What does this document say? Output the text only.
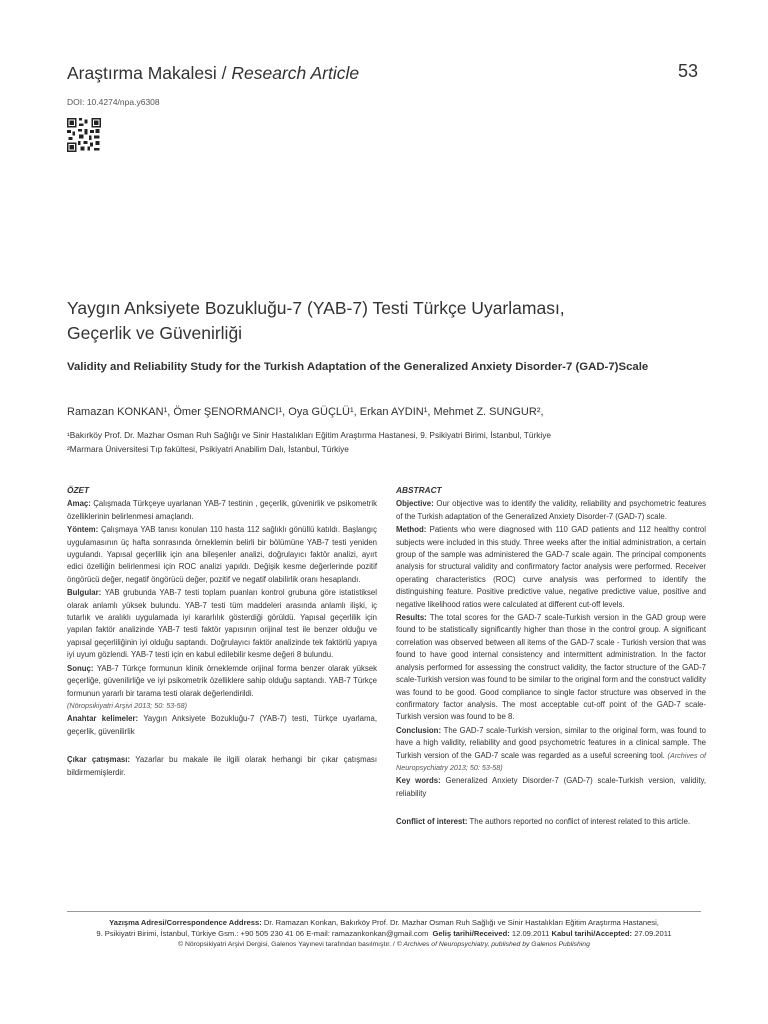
Araştırma Makalesi / Research Article	53
DOI: 10.4274/npa.y6308
Yaygın Anksiyete Bozukluğu-7 (YAB-7) Testi Türkçe Uyarlaması,
Geçerlik ve Güvenirliği
Validity and Reliability Study for the Turkish Adaptation of the Generalized Anxiety Disorder-7 (GAD-7)Scale
Ramazan KONKAN¹, Ömer ŞENORMANCI¹, Oya GÜÇLÜ¹, Erkan AYDIN¹, Mehmet Z. SUNGUR²,
¹Bakırköy Prof. Dr. Mazhar Osman Ruh Sağlığı ve Sinir Hastalıkları Eğitim Araştırma Hastanesi, 9. Psikiyatri Birimi, İstanbul, Türkiye
²Marmara Üniversitesi Tıp fakültesi, Psikiyatri Anabilim Dalı, İstanbul, Türkiye
ÖZET

Amaç: Çalışmada Türkçeye uyarlanan YAB-7 testinin , geçerlik, güvenirlik ve psikometrik özelliklerinin belirlenmesi amaçlandı.

Yöntem: Çalışmaya YAB tanısı konulan 110 hasta 112 sağlıklı gönüllü katıldı. Başlangıç uygulamasının üç hafta sonrasında örneklemin belirli bir bölümüne YAB-7 testi yeniden uygulandı. Yapısal geçerlilik için ana bileşenler analizi, doğrulayıcı faktör analizi, ayırt edici özelliğin belirlenmesi için ROC analizi yapıldı. Değişik kesme değerlerinde pozitif öngörücü değer, negatif öngörücü değer, pozitif ve negatif olabilirlik oranı hesaplandı.

Bulgular: YAB grubunda YAB-7 testi toplam puanları kontrol grubuna göre istatistiksel olarak anlamlı yüksek bulundu. YAB-7 testi tüm maddeleri arasında anlamlı ilişki, iç tutarlık ve aralıklı uygulamada iyi kararlılık gösterdiği görüldü. Yapısal geçerlilik için yapılan faktör analizinde YAB-7 testi faktör yapısının orijinal test ile benzer olduğu ve yapısal geçerliliğinin iyi olduğu saptandı. Doğrulayıcı faktör analizinde tek faktörlü yapıya iyi uyum gözlendi. YAB-7 testi için en kabul edilebilir kesme değeri 8 bulundu.

Sonuç: YAB-7 Türkçe formunun klinik örneklemde orijinal forma benzer olarak yüksek geçerliğe, güvenilirliğe ve iyi psikometrik özelliklere sahip olduğu saptandı. YAB-7 Türkçe formunun yararlı bir tarama testi olarak değerlendirildi.
(Nöropsikiyatri Arşivi 2013; 50: 53-58)

Anahtar kelimeler: Yaygın Anksiyete Bozukluğu-7 (YAB-7) testi, Türkçe uyarlama, geçerlik, güvenilirlik

Çıkar çatışması: Yazarlar bu makale ile ilgili olarak herhangi bir çıkar çatışması bildirmemişlerdir.

ABSTRACT

Objective: Our objective was to identify the validity, reliability and psychometric features of the Turkish adaptation of the Generalized Anxiety Disorder-7 (GAD-7) scale.

Method: Patients who were diagnosed with 110 GAD patients and 112 healthy control subjects were included in this study. Three weeks after the initial administration, a certain group of the sample was administered the GAD-7 scale again. The principal components analysis for structural validity and confirmatory factor analysis were performed. Receiver operating characteristics (ROC) curve analysis was performed to identify the distinguishing feature. Positive predictive value, negative predictive value, positive and negative likelihood ratios were calculated at different cut-off levels.

Results: The total scores for the GAD-7 scale-Turkish version in the GAD group were found to be statistically significantly higher than those in the control group. A significant correlation was observed between all items of the GAD-7 scale - Turkish version that was found to have good internal consistency and intermittent administration. In the factor analysis performed for assessing the construct validity, the factor structure of the GAD-7 scale-Turkish version was found to be similar to the original form and the construct validity was found to be good. Good compliance to single factor structure was observed in the confirmatory factor analysis. The most acceptable cut-off point of the GAD-7 scale-Turkish version was found to be 8.

Conclusion: The GAD-7 scale-Turkish version, similar to the original form, was found to have a high validity, reliability and good psychometric features in a clinical sample. The Turkish version of the GAD-7 scale was regarded as a useful screening tool. (Archives of Neuropsychiatry 2013; 50: 53-58)

Key words: Generalized Anxiety Disorder-7 (GAD-7) scale-Turkish version, validity, reliability

Conflict of interest: The authors reported no conflict of interest related to this article.

Yazışma Adresi/Correspondence Address: Dr. Ramazan Konkan, Bakırköy Prof. Dr. Mazhar Osman Ruh Sağlığı ve Sinir Hastalıkları Eğitim Araştırma Hastanesi,
9. Psikiyatri Birimi, İstanbul, Türkiye Gsm.: +90 505 230 41 06 E-mail: ramazankonkan@gmail.com Geliş tarihi/Received: 12.09.2011 Kabul tarihi/Accepted: 27.09.2011
© Nöropsikiyatri Arşivi Dergisi, Galenos Yayınevi tarafından basılmıştır. / © Archives of Neuropsychiatry, published by Galenos Publishing
